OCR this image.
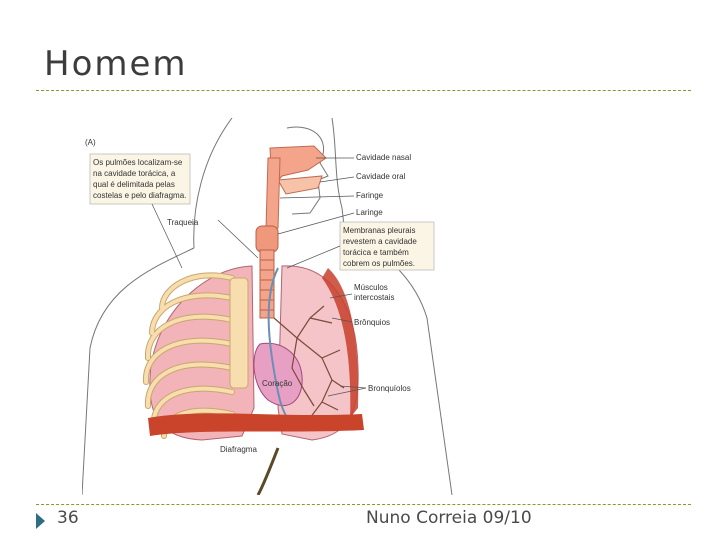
Homem
(A)
Os pulmões localizam-se
na cavidade torácica, a
qual é delimitada pelas
costelas e pelo diafragma.
Membranas pleurais
revestem a cavidade
torácica e também
cobrem os pulmões.
Traqueia
Cavidade nasal
Cavidade oral
Faringe
Laringe
Músculos
intercostais
Brônquios
Bronquíolos
Coração
Diafragma
36	Nuno Correia 09/10
